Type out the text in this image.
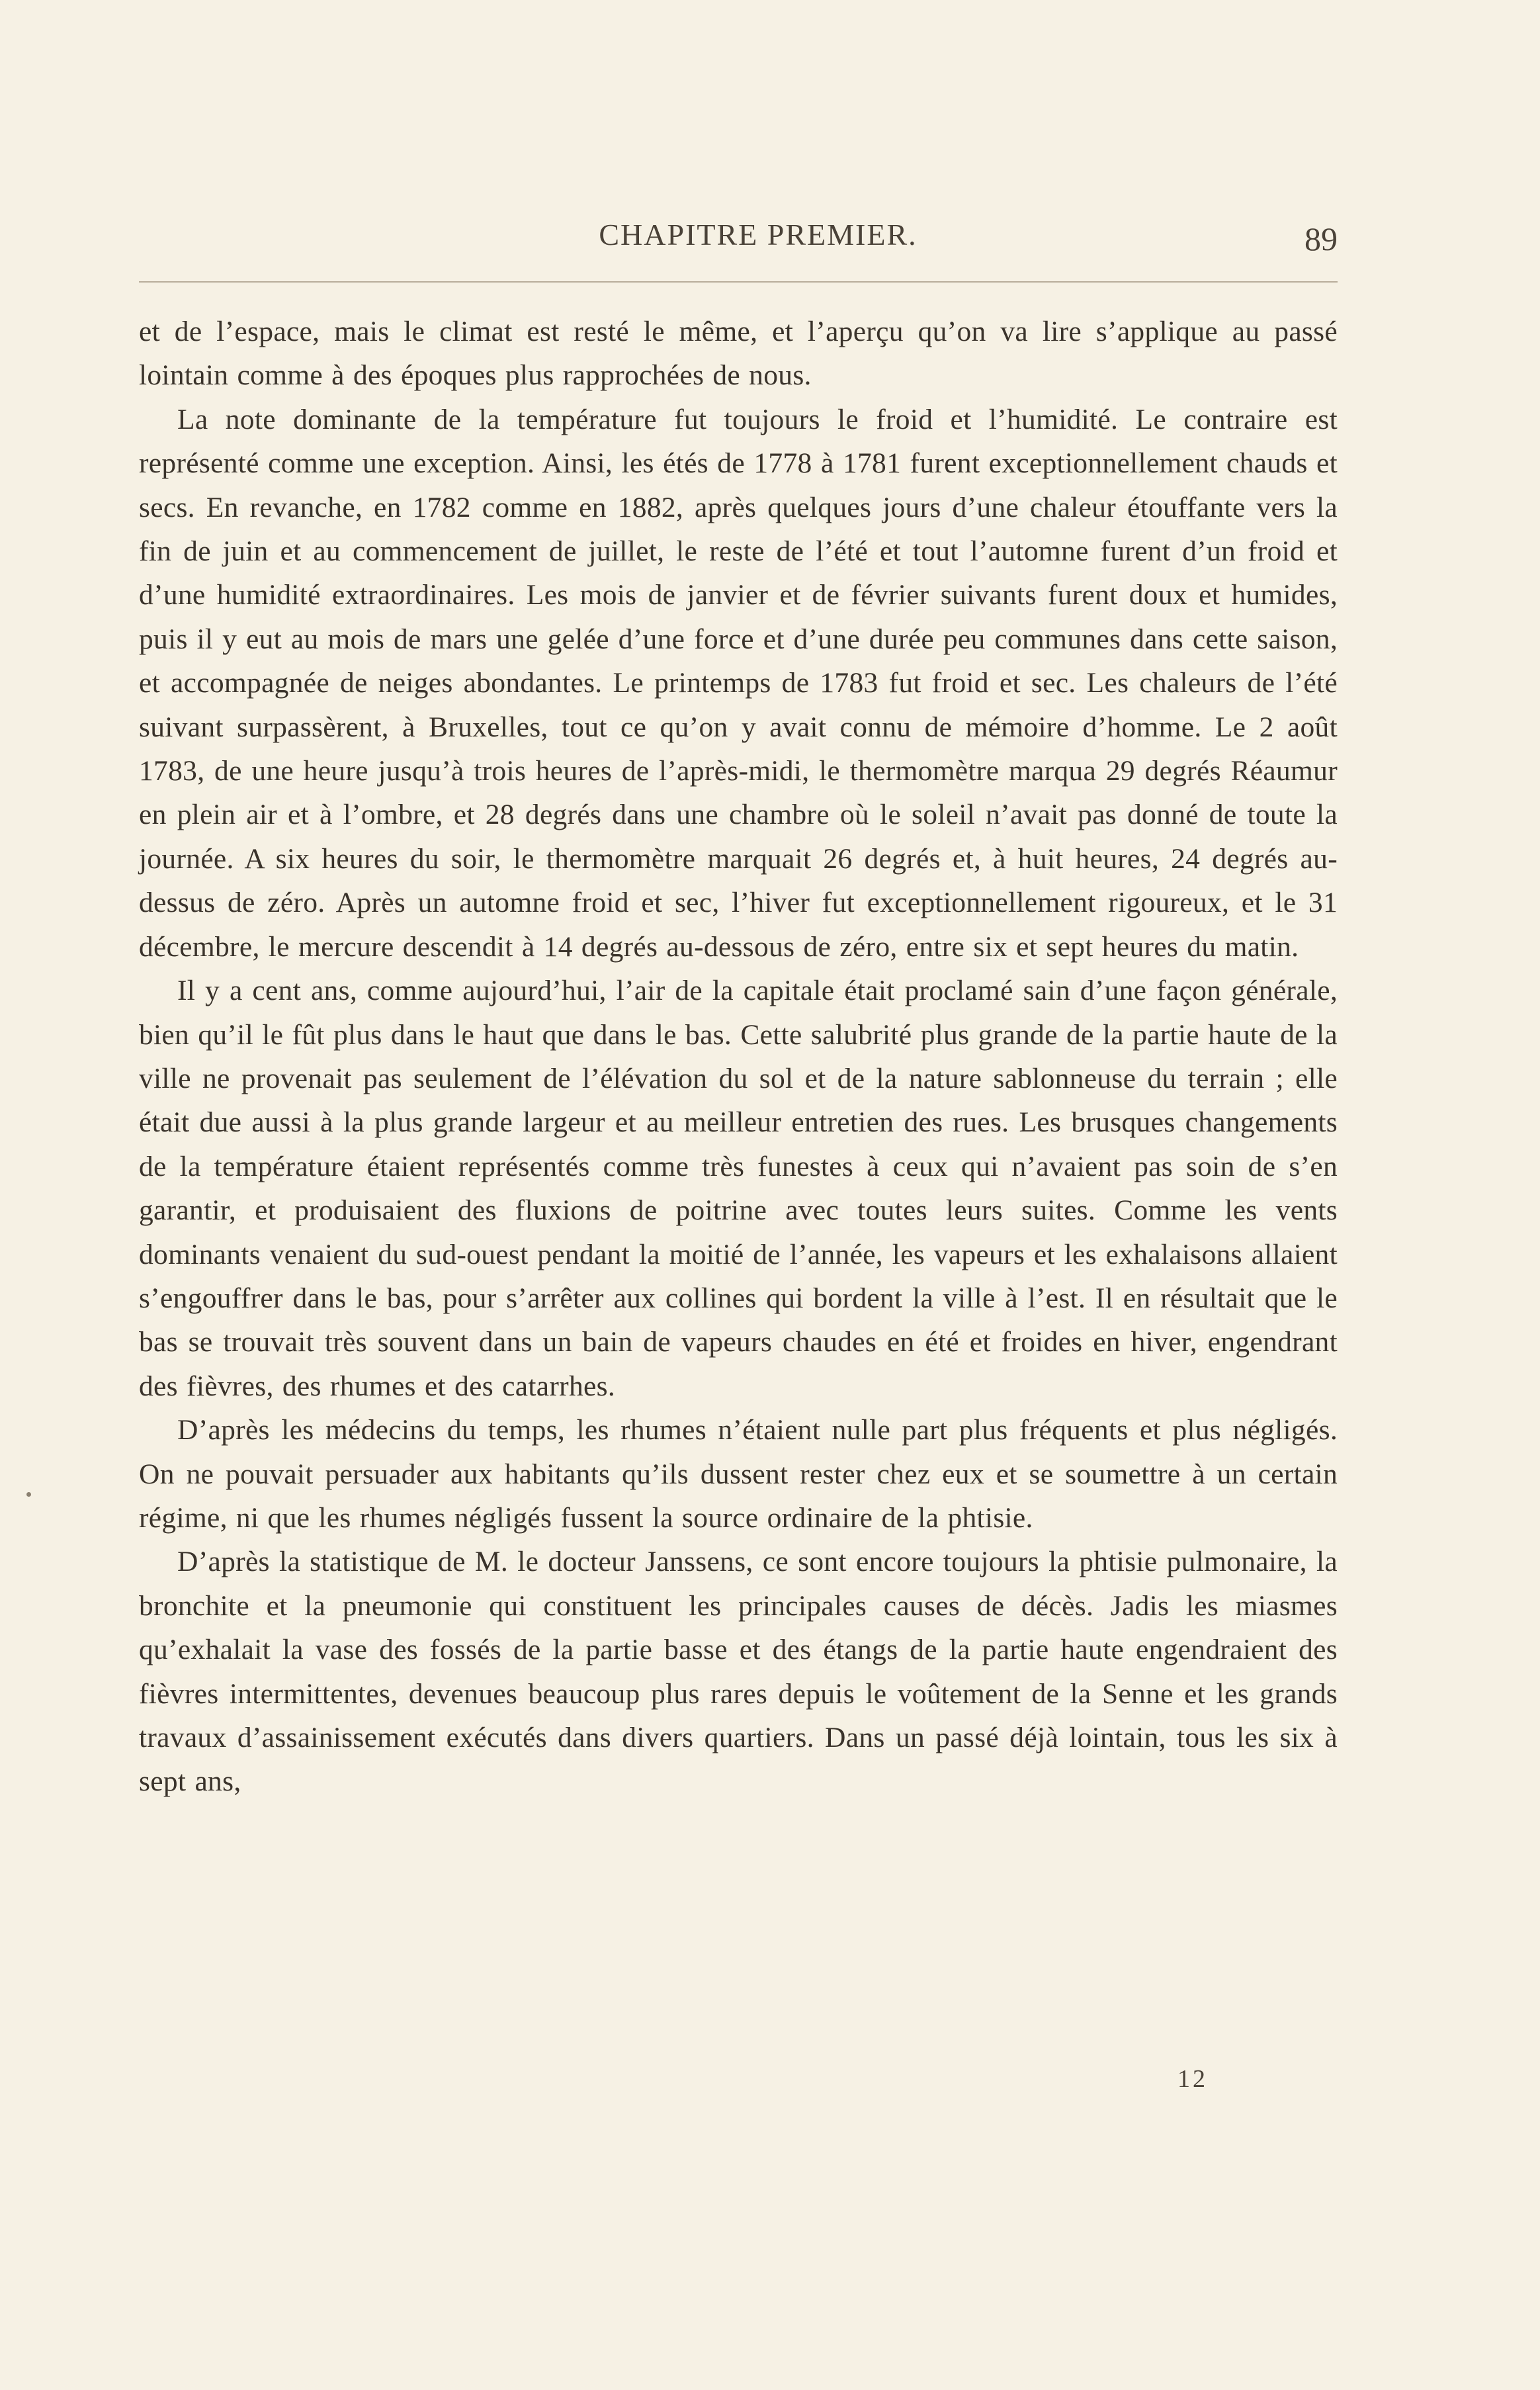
CHAPITRE PREMIER.	89

et de l’espace, mais le climat est resté le même, et l’aperçu qu’on va lire s’applique au passé lointain comme à des époques plus rapprochées de nous.

La note dominante de la température fut toujours le froid et l’humidité. Le contraire est représenté comme une exception. Ainsi, les étés de 1778 à 1781 furent exceptionnellement chauds et secs. En revanche, en 1782 comme en 1882, après quelques jours d’une chaleur étouffante vers la fin de juin et au commencement de juillet, le reste de l’été et tout l’automne furent d’un froid et d’une humidité extraordinaires. Les mois de janvier et de février suivants furent doux et humides, puis il y eut au mois de mars une gelée d’une force et d’une durée peu communes dans cette saison, et accompagnée de neiges abondantes. Le printemps de 1783 fut froid et sec. Les chaleurs de l’été suivant surpassèrent, à Bruxelles, tout ce qu’on y avait connu de mémoire d’homme. Le 2 août 1783, de une heure jusqu’à trois heures de l’après-midi, le thermomètre marqua 29 degrés Réaumur en plein air et à l’ombre, et 28 degrés dans une chambre où le soleil n’avait pas donné de toute la journée. A six heures du soir, le thermomètre marquait 26 degrés et, à huit heures, 24 degrés au-dessus de zéro. Après un automne froid et sec, l’hiver fut exceptionnellement rigoureux, et le 31 décembre, le mercure descendit à 14 degrés au-dessous de zéro, entre six et sept heures du matin.

Il y a cent ans, comme aujourd’hui, l’air de la capitale était proclamé sain d’une façon générale, bien qu’il le fût plus dans le haut que dans le bas. Cette salubrité plus grande de la partie haute de la ville ne provenait pas seulement de l’élévation du sol et de la nature sablonneuse du terrain ; elle était due aussi à la plus grande largeur et au meilleur entretien des rues. Les brusques changements de la température étaient représentés comme très funestes à ceux qui n’avaient pas soin de s’en garantir, et produisaient des fluxions de poitrine avec toutes leurs suites. Comme les vents dominants venaient du sud-ouest pendant la moitié de l’année, les vapeurs et les exhalaisons allaient s’engouffrer dans le bas, pour s’arrêter aux collines qui bordent la ville à l’est. Il en résultait que le bas se trouvait très souvent dans un bain de vapeurs chaudes en été et froides en hiver, engendrant des fièvres, des rhumes et des catarrhes.

D’après les médecins du temps, les rhumes n’étaient nulle part plus fréquents et plus négligés. On ne pouvait persuader aux habitants qu’ils dussent rester chez eux et se soumettre à un certain régime, ni que les rhumes négligés fussent la source ordinaire de la phtisie.

D’après la statistique de M. le docteur Janssens, ce sont encore toujours la phtisie pulmonaire, la bronchite et la pneumonie qui constituent les principales causes de décès. Jadis les miasmes qu’exhalait la vase des fossés de la partie basse et des étangs de la partie haute engendraient des fièvres intermittentes, devenues beaucoup plus rares depuis le voûtement de la Senne et les grands travaux d’assainissement exécutés dans divers quartiers. Dans un passé déjà lointain, tous les six à sept ans,

12
